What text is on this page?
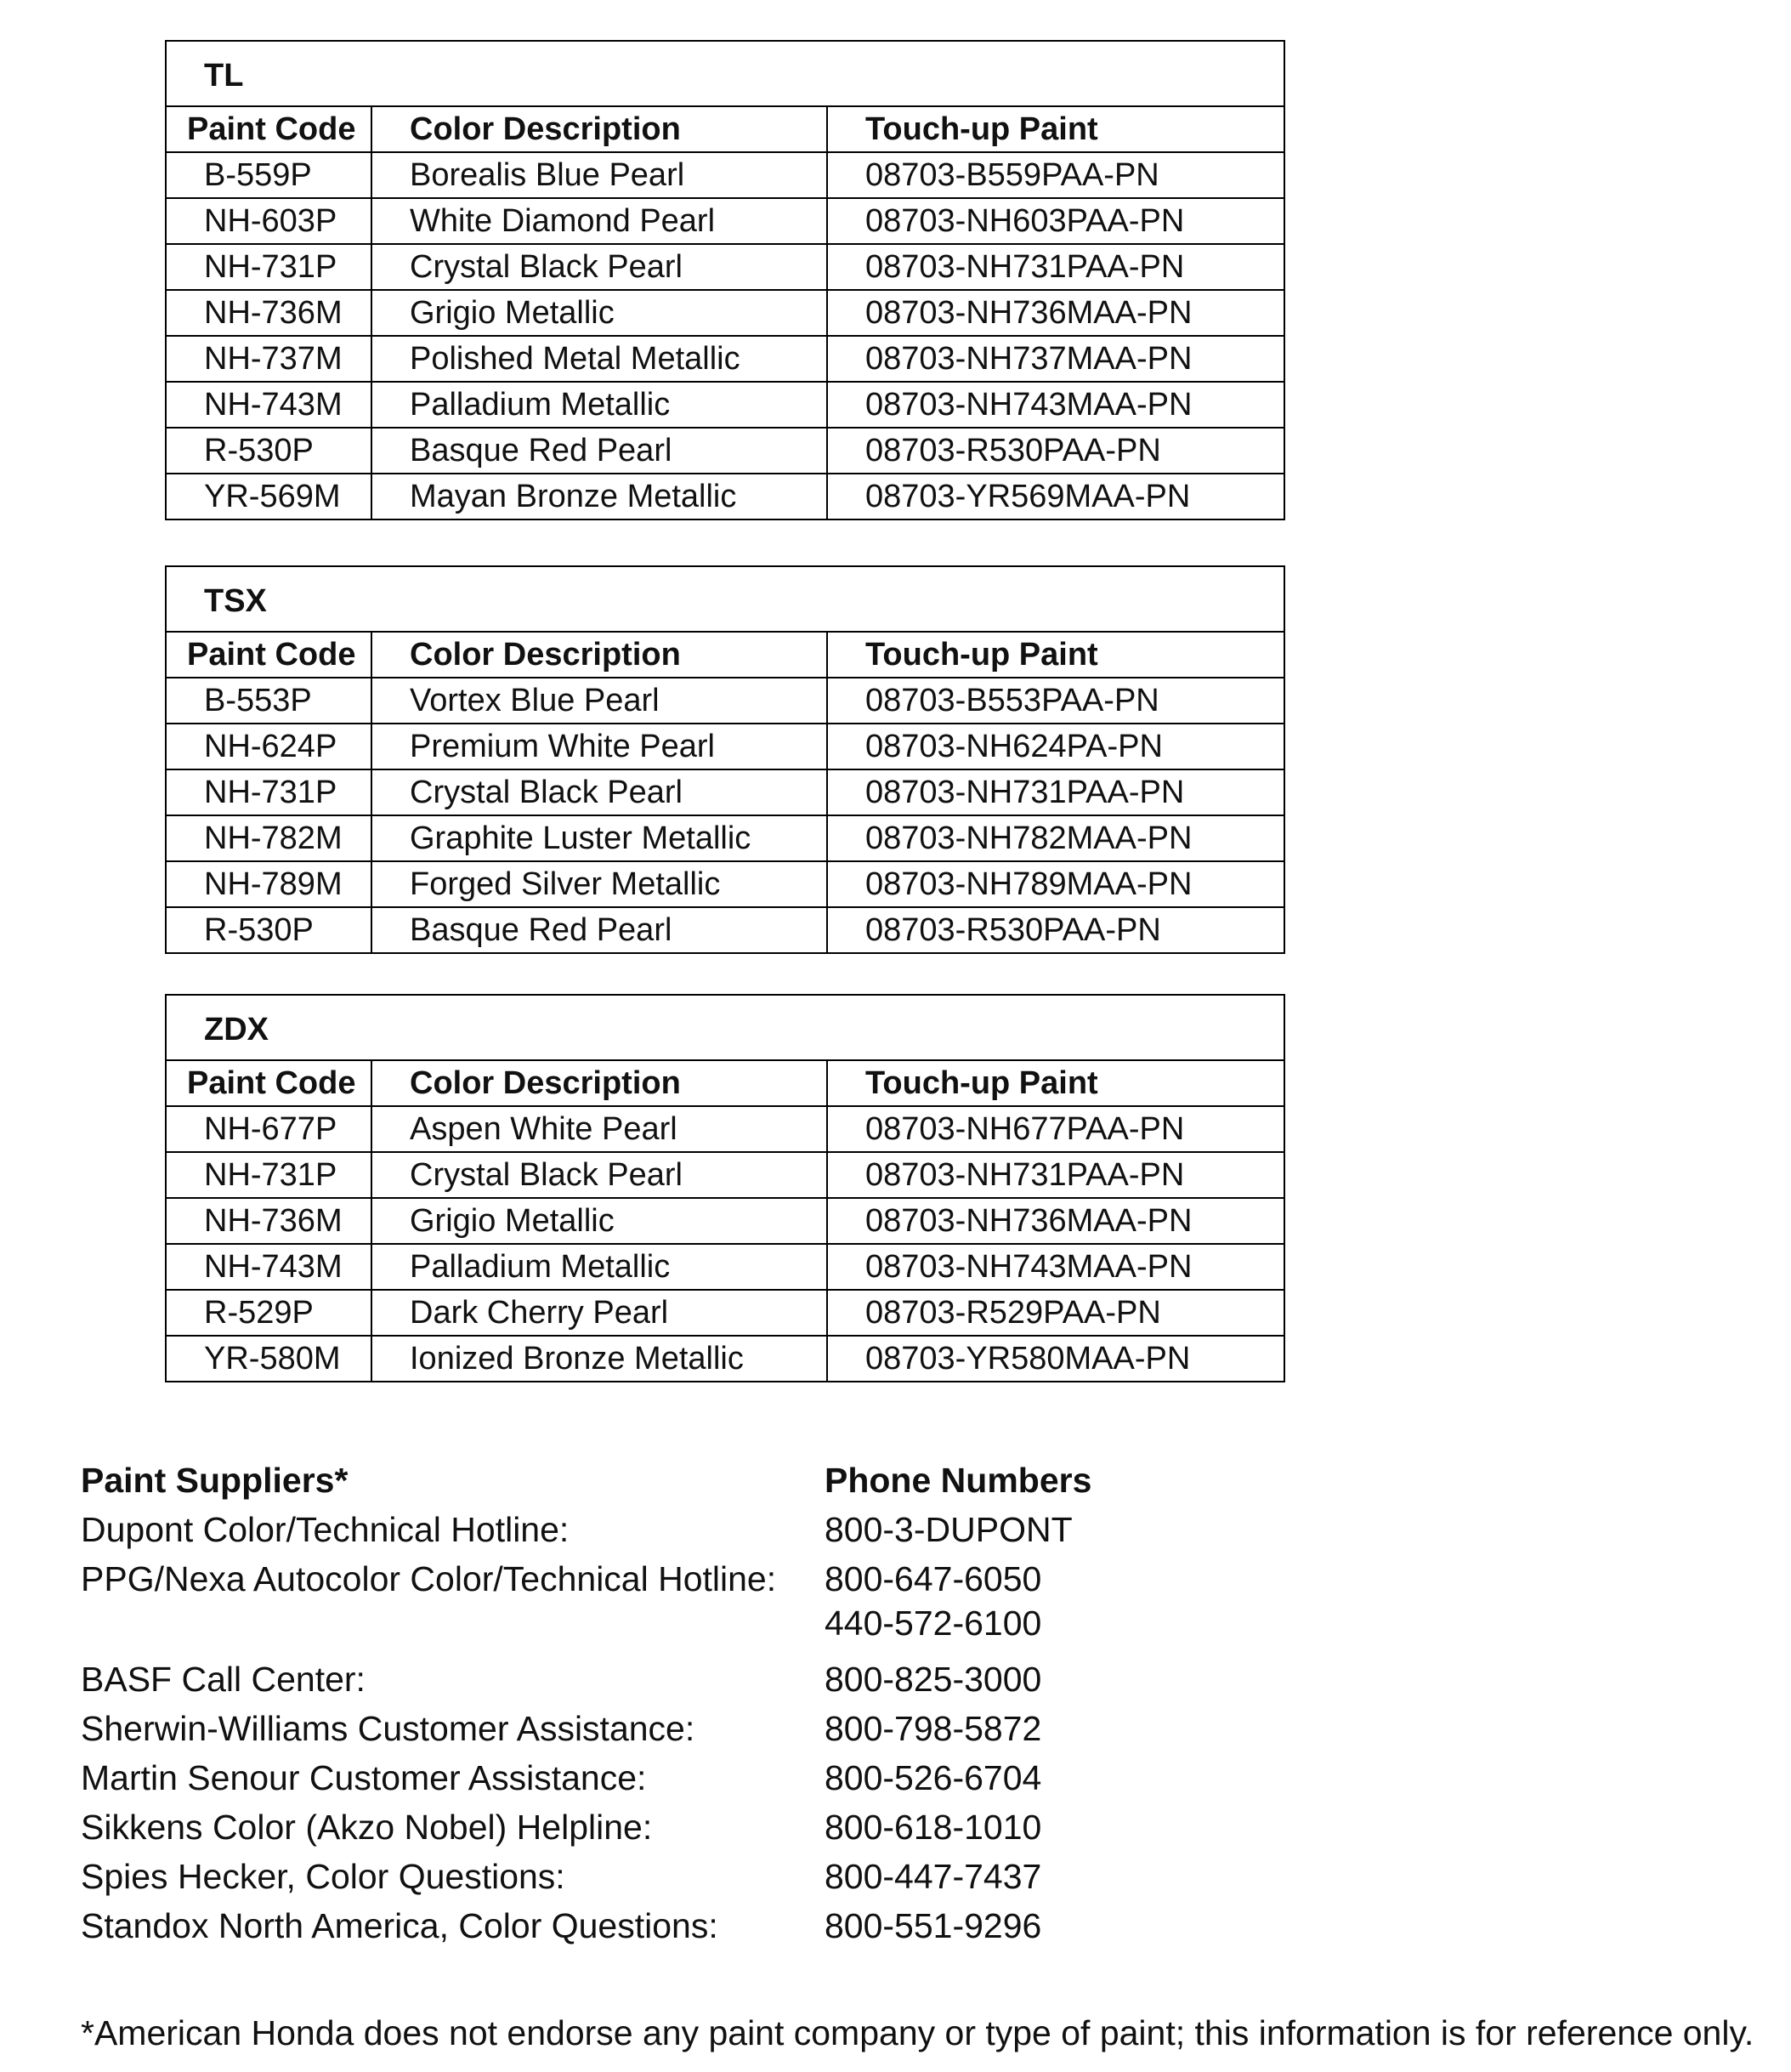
TL		
Paint Code	Color Description	Touch-up Paint
B-559P	Borealis Blue Pearl	08703-B559PAA-PN
NH-603P	White Diamond Pearl	08703-NH603PAA-PN
NH-731P	Crystal Black Pearl	08703-NH731PAA-PN
NH-736M	Grigio Metallic	08703-NH736MAA-PN
NH-737M	Polished Metal Metallic	08703-NH737MAA-PN
NH-743M	Palladium Metallic	08703-NH743MAA-PN
R-530P	Basque Red Pearl	08703-R530PAA-PN
YR-569M	Mayan Bronze Metallic	08703-YR569MAA-PN
TSX		
Paint Code	Color Description	Touch-up Paint
B-553P	Vortex Blue Pearl	08703-B553PAA-PN
NH-624P	Premium White Pearl	08703-NH624PA-PN
NH-731P	Crystal Black Pearl	08703-NH731PAA-PN
NH-782M	Graphite Luster Metallic	08703-NH782MAA-PN
NH-789M	Forged Silver Metallic	08703-NH789MAA-PN
R-530P	Basque Red Pearl	08703-R530PAA-PN
ZDX		
Paint Code	Color Description	Touch-up Paint
NH-677P	Aspen White Pearl	08703-NH677PAA-PN
NH-731P	Crystal Black Pearl	08703-NH731PAA-PN
NH-736M	Grigio Metallic	08703-NH736MAA-PN
NH-743M	Palladium Metallic	08703-NH743MAA-PN
R-529P	Dark Cherry Pearl	08703-R529PAA-PN
YR-580M	Ionized Bronze Metallic	08703-YR580MAA-PN
Paint Suppliers*	Phone Numbers
Dupont Color/Technical Hotline:	800-3-DUPONT
PPG/Nexa Autocolor Color/Technical Hotline:	800-647-6050
440-572-6100
BASF Call Center:	800-825-3000
Sherwin-Williams Customer Assistance:	800-798-5872
Martin Senour Customer Assistance:	800-526-6704
Sikkens Color (Akzo Nobel) Helpline:	800-618-1010
Spies Hecker, Color Questions:	800-447-7437
Standox North America, Color Questions:	800-551-9296
*American Honda does not endorse any paint company or type of paint; this information is for reference only.
